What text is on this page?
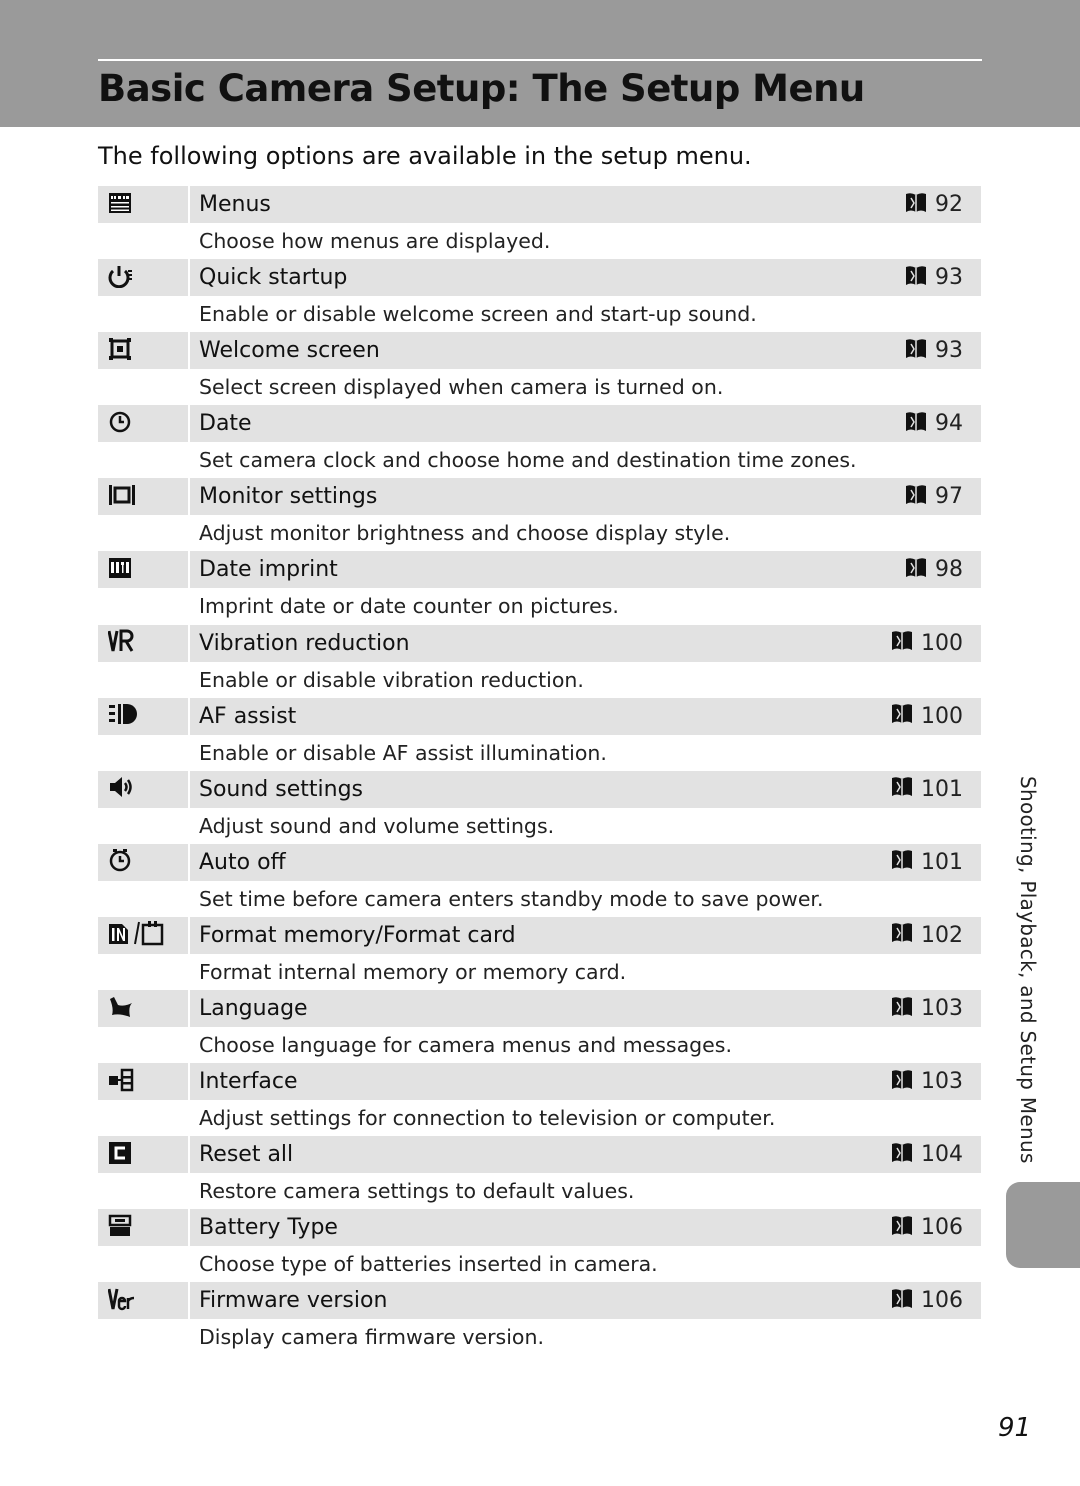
Basic Camera Setup: The Setup Menu
The following options are available in the setup menu.
Menus	92
Choose how menus are displayed.
Quick startup	93
Enable or disable welcome screen and start-up sound.
Welcome screen	93
Select screen displayed when camera is turned on.
Date	94
Set camera clock and choose home and destination time zones.
Monitor settings	97
Adjust monitor brightness and choose display style.
Date imprint	98
Imprint date or date counter on pictures.
Vibration reduction	100
Enable or disable vibration reduction.
AF assist	100
Enable or disable AF assist illumination.
Sound settings	101
Adjust sound and volume settings.
Auto off	101
Set time before camera enters standby mode to save power.
Format memory/Format card	102
Format internal memory or memory card.
Language	103
Choose language for camera menus and messages.
Interface	103
Adjust settings for connection to television or computer.
Reset all	104
Restore camera settings to default values.
Battery Type	106
Choose type of batteries inserted in camera.
Firmware version	106
Display camera firmware version.
Shooting, Playback, and Setup Menus
91
